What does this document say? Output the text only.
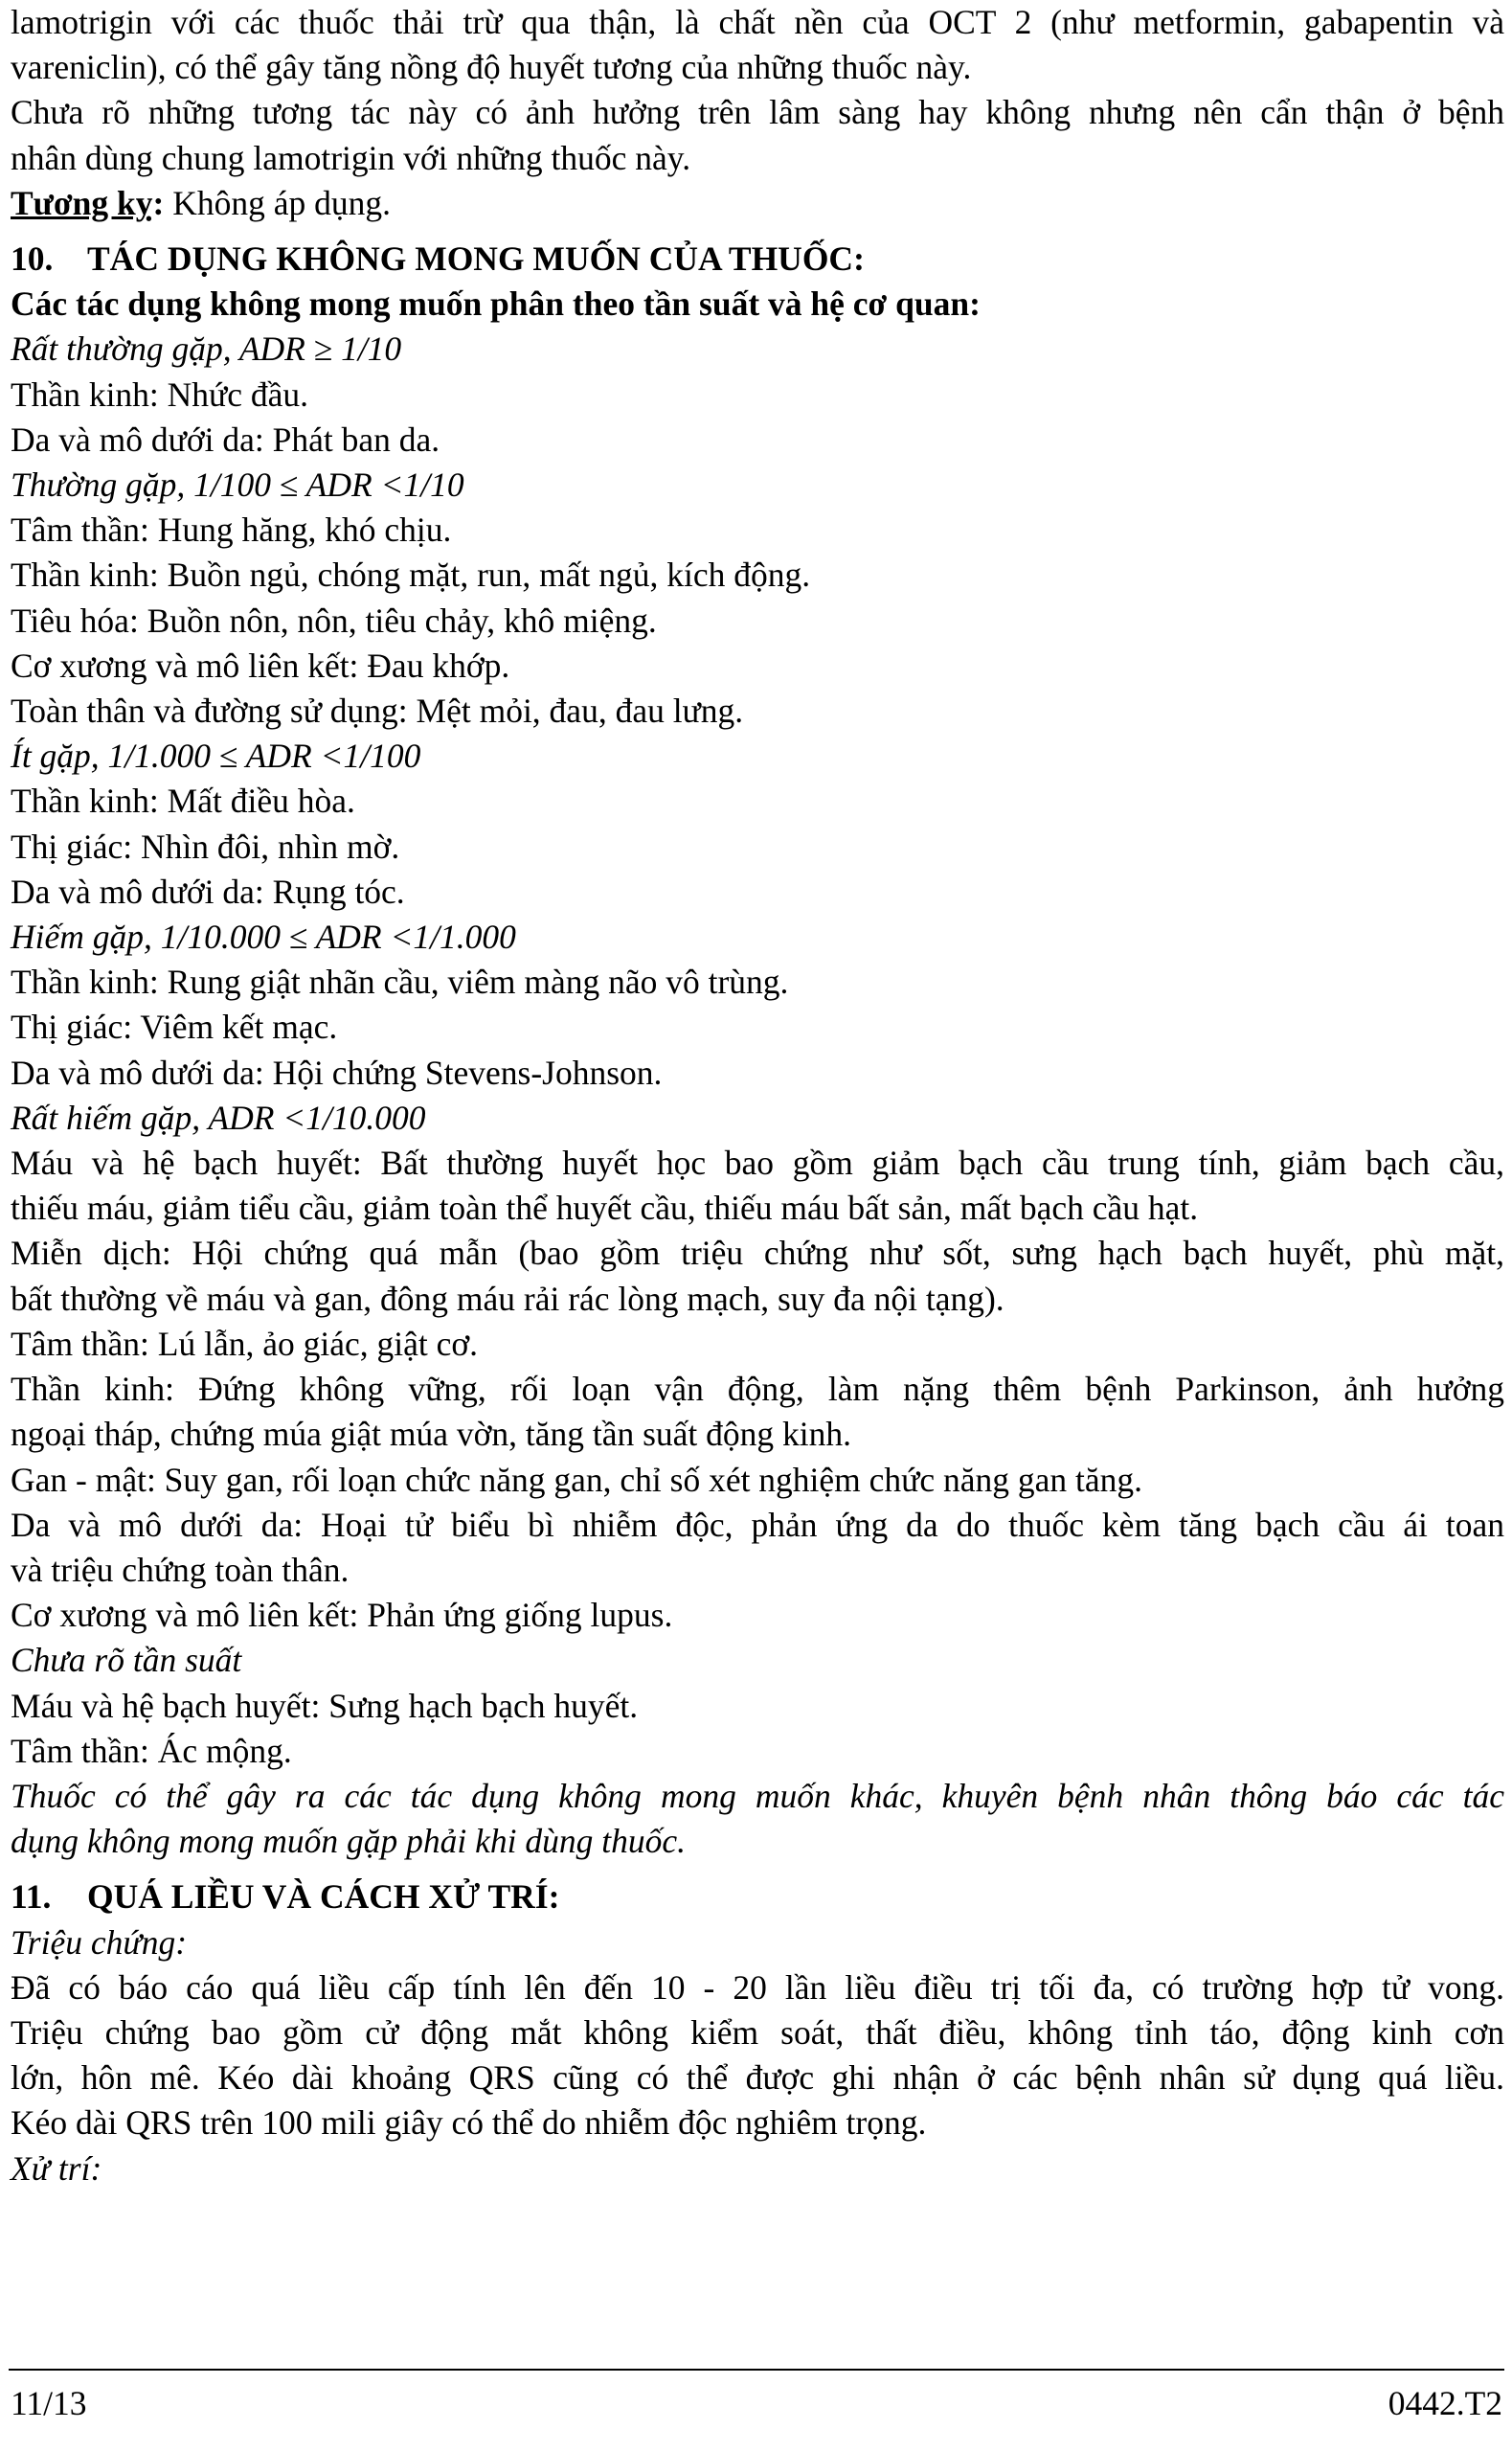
lamotrigin với các thuốc thải trừ qua thận, là chất nền của OCT 2 (như metformin, gabapentin và
vareniclin), có thể gây tăng nồng độ huyết tương của những thuốc này.
Chưa rõ những tương tác này có ảnh hưởng trên lâm sàng hay không nhưng nên cẩn thận ở bệnh
nhân dùng chung lamotrigin với những thuốc này.
Tương kỵ: Không áp dụng.
10. TÁC DỤNG KHÔNG MONG MUỐN CỦA THUỐC:
Các tác dụng không mong muốn phân theo tần suất và hệ cơ quan:
Rất thường gặp, ADR ≥ 1/10
Thần kinh: Nhức đầu.
Da và mô dưới da: Phát ban da.
Thường gặp, 1/100 ≤ ADR <1/10
Tâm thần: Hung hăng, khó chịu.
Thần kinh: Buồn ngủ, chóng mặt, run, mất ngủ, kích động.
Tiêu hóa: Buồn nôn, nôn, tiêu chảy, khô miệng.
Cơ xương và mô liên kết: Đau khớp.
Toàn thân và đường sử dụng: Mệt mỏi, đau, đau lưng.
Ít gặp, 1/1.000 ≤ ADR <1/100
Thần kinh: Mất điều hòa.
Thị giác: Nhìn đôi, nhìn mờ.
Da và mô dưới da: Rụng tóc.
Hiếm gặp, 1/10.000 ≤ ADR <1/1.000
Thần kinh: Rung giật nhãn cầu, viêm màng não vô trùng.
Thị giác: Viêm kết mạc.
Da và mô dưới da: Hội chứng Stevens-Johnson.
Rất hiếm gặp, ADR <1/10.000
Máu và hệ bạch huyết: Bất thường huyết học bao gồm giảm bạch cầu trung tính, giảm bạch cầu,
thiếu máu, giảm tiểu cầu, giảm toàn thể huyết cầu, thiếu máu bất sản, mất bạch cầu hạt.
Miễn dịch: Hội chứng quá mẫn (bao gồm triệu chứng như sốt, sưng hạch bạch huyết, phù mặt,
bất thường về máu và gan, đông máu rải rác lòng mạch, suy đa nội tạng).
Tâm thần: Lú lẫn, ảo giác, giật cơ.
Thần kinh: Đứng không vững, rối loạn vận động, làm nặng thêm bệnh Parkinson, ảnh hưởng
ngoại tháp, chứng múa giật múa vờn, tăng tần suất động kinh.
Gan - mật: Suy gan, rối loạn chức năng gan, chỉ số xét nghiệm chức năng gan tăng.
Da và mô dưới da: Hoại tử biểu bì nhiễm độc, phản ứng da do thuốc kèm tăng bạch cầu ái toan
và triệu chứng toàn thân.
Cơ xương và mô liên kết: Phản ứng giống lupus.
Chưa rõ tần suất
Máu và hệ bạch huyết: Sưng hạch bạch huyết.
Tâm thần: Ác mộng.
Thuốc có thể gây ra các tác dụng không mong muốn khác, khuyên bệnh nhân thông báo các tác
dụng không mong muốn gặp phải khi dùng thuốc.
11. QUÁ LIỀU VÀ CÁCH XỬ TRÍ:
Triệu chứng:
Đã có báo cáo quá liều cấp tính lên đến 10 - 20 lần liều điều trị tối đa, có trường hợp tử vong.
Triệu chứng bao gồm cử động mắt không kiểm soát, thất điều, không tỉnh táo, động kinh cơn
lớn, hôn mê. Kéo dài khoảng QRS cũng có thể được ghi nhận ở các bệnh nhân sử dụng quá liều.
Kéo dài QRS trên 100 mili giây có thể do nhiễm độc nghiêm trọng.
Xử trí:
11/13	0442.T2
